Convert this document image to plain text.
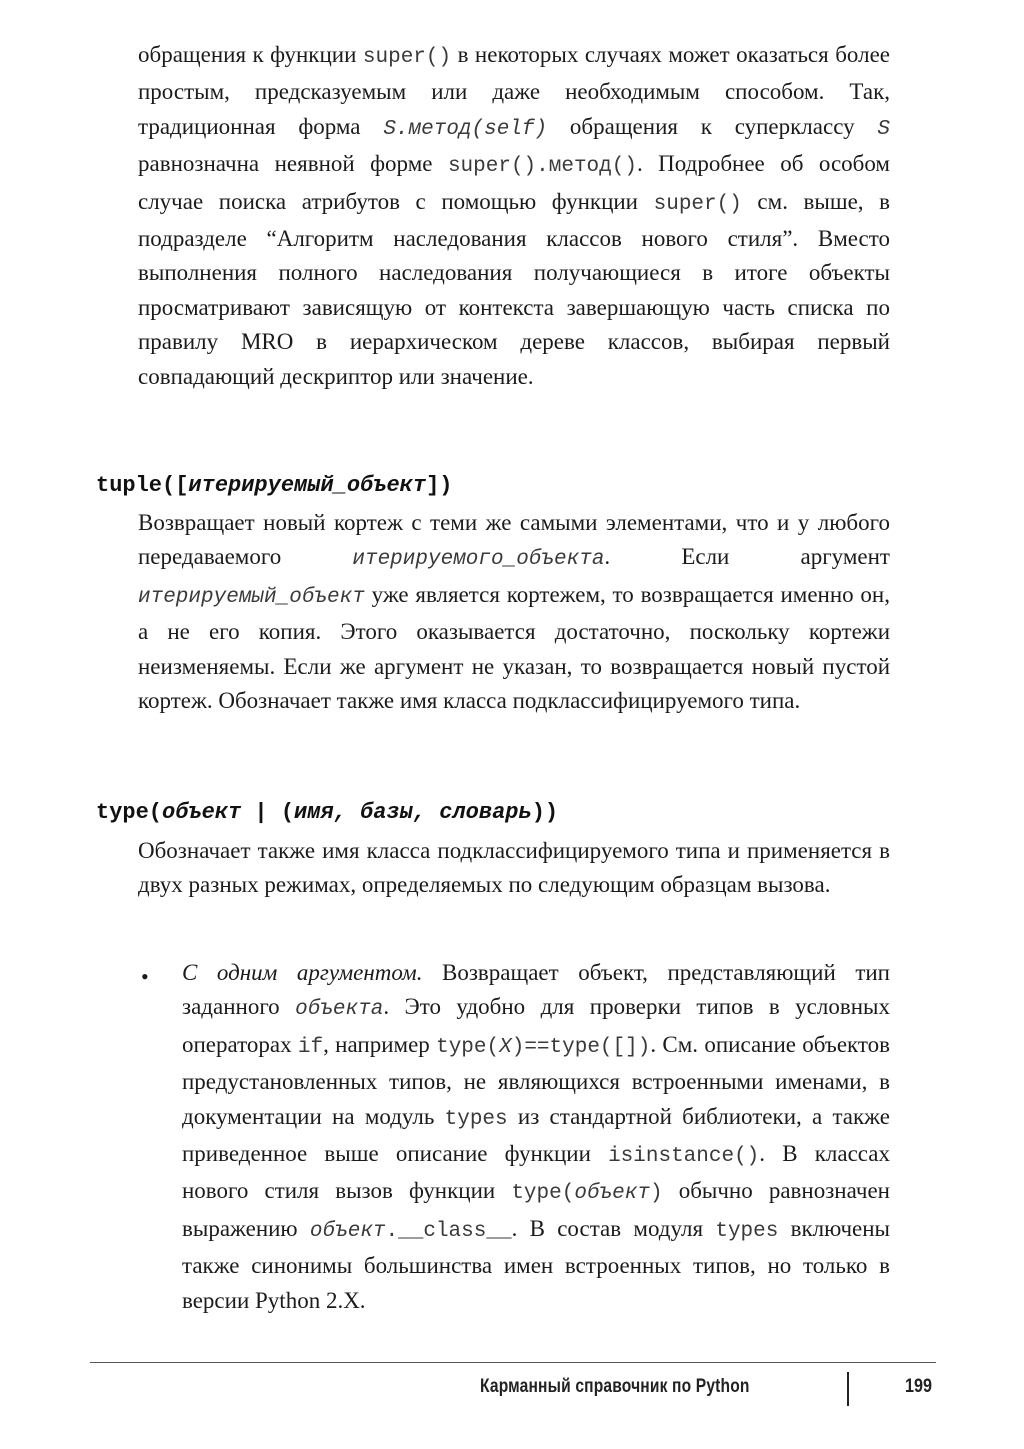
обращения к функции super() в некоторых случаях может оказаться более простым, предсказуемым или даже необходимым способом. Так, традиционная форма S.метод(self) обращения к суперклассу S равнозначна неявной форме super().метод(). Подробнее об особом случае поиска атрибутов с помощью функции super() см. выше, в подразделе “Алгоритм наследования классов нового стиля”. Вместо выполнения полного наследования получающиеся в итоге объекты просматривают зависящую от контекста завершающую часть списка по правилу MRO в иерархическом дереве классов, выбирая первый совпадающий дескриптор или значение.
tuple([итерируемый_объект])
Возвращает новый кортеж с теми же самыми элементами, что и у любого передаваемого итерируемого_объекта. Если аргумент итерируемый_объект уже является кортежем, то возвращается именно он, а не его копия. Этого оказывается достаточно, поскольку кортежи неизменяемы. Если же аргумент не указан, то возвращается новый пустой кортеж. Обозначает также имя класса подклассифицируемого типа.
type(объект | (имя, базы, словарь))
Обозначает также имя класса подклассифицируемого типа и применяется в двух разных режимах, определяемых по следующим образцам вызова.
• С одним аргументом. Возвращает объект, представляющий тип заданного объекта. Это удобно для проверки типов в условных операторах if, например type(X)==type([]). См. описание объектов предустановленных типов, не являющихся встроенными именами, в документации на модуль types из стандартной библиотеки, а также приведенное выше описание функции isinstance(). В классах нового стиля вызов функции type(объект) обычно равнозначен выражению объект.__class__. В состав модуля types включены также синонимы большинства имен встроенных типов, но только в версии Python 2.X.
Карманный справочник по Python	199
